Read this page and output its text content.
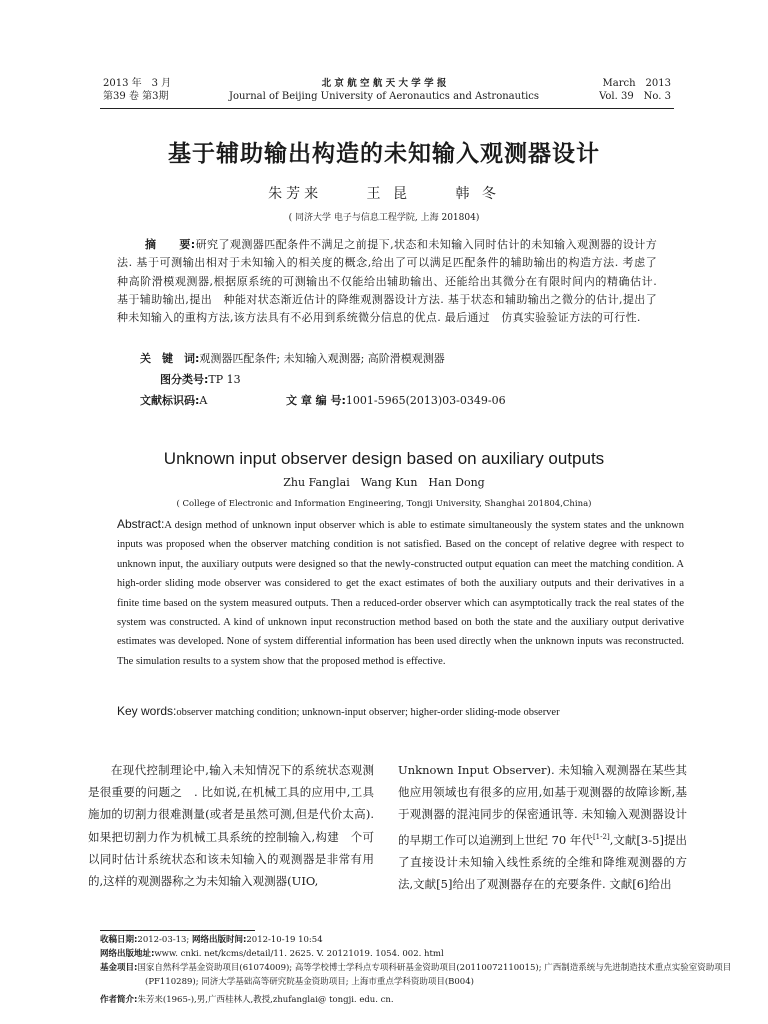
2013 年　3 月
第39 卷 第3期
北 京 航 空 航 天 大 学 学 报
Journal of Beijing University of Aeronautics and Astronautics
March　2013
Vol. 39　No. 3
基于辅助输出构造的未知输入观测器设计
朱芳来	王 昆	韩 冬
( 同济大学 电子与信息工程学院, 上海 201804)
摘　　要:研究了观测器匹配条件不满足之前提下,状态和未知输入同时估计的未知输入观测器的设计方法. 基于可测输出相对于未知输入的相关度的概念,给出了可以满足匹配条件的辅助输出的构造方法. 考虑了　种高阶滑模观测器,根据原系统的可测输出不仅能给出辅助输出、还能给出其微分在有限时间内的精确估计. 基于辅助输出,提出　种能对状态渐近估计的降维观测器设计方法. 基于状态和辅助输出之微分的估计,提出了　种未知输入的重构方法,该方法具有不必用到系统微分信息的优点. 最后通过　仿真实验验证方法的可行性.
关　键　词:观测器匹配条件; 未知输入观测器; 高阶滑模观测器
图分类号:TP 13
文献标识码:A	文 章 编 号:1001-5965(2013)03-0349-06
Unknown input observer design based on auxiliary outputs
Zhu Fanglai　Wang Kun　Han Dong
( College of Electronic and Information Engineering, Tongji University, Shanghai 201804,China)
Abstract:A design method of unknown input observer which is able to estimate simultaneously the system states and the unknown inputs was proposed when the observer matching condition is not satisfied. Based on the concept of relative degree with respect to unknown input, the auxiliary outputs were designed so that the newly-constructed output equation can meet the matching condition. A high-order sliding mode observer was considered to get the exact estimates of both the auxiliary outputs and their derivatives in a finite time based on the system measured outputs. Then a reduced-order observer which can asymptotically track the real states of the system was constructed. A kind of unknown input reconstruction method based on both the state and the auxiliary output derivative estimates was developed. None of system differential information has been used directly when the unknown inputs was reconstructed. The simulation results to a system show that the proposed method is effective.
Key words:observer matching condition; unknown-input observer; higher-order sliding-mode observer
在现代控制理论中,输入未知情况下的系统状态观测是很重要的问题之　. 比如说,在机械工具的应用中,工具施加的切割力很难测量(或者是虽然可测,但是代价太高). 如果把切割力作为机械工具系统的控制输入,构建　个可以同时估计系统状态和该未知输入的观测器是非常有用的,这样的观测器称之为未知输入观测器(UIO,
Unknown Input Observer). 未知输入观测器在某些其他应用领域也有很多的应用,如基于观测器的故障诊断,基于观测器的混沌同步的保密通讯等. 未知输入观测器设计的早期工作可以追溯到上世纪 70 年代[1-2],文献[3-5]提出了直接设计未知输入线性系统的全维和降维观测器的方法,文献[5]给出了观测器存在的充要条件. 文献[6]给出
收稿日期:2012-03-13; 网络出版时间:2012-10-19 10:54
网络出版地址:www. cnki. net/kcms/detail/11. 2625. V. 20121019. 1054. 002. html
基金项目:国家自然科学基金资助项目(61074009); 高等学校博士学科点专项科研基金资助项目(20110072110015); 广西制造系统与先进制造技术重点实验室资助项目(PF110289); 同济大学基础高等研究院基金资助项目; 上海市重点学科资助项目(B004)
作者简介:朱芳来(1965-),男,广西桂林人,教授,zhufanglai@ tongji. edu. cn.
